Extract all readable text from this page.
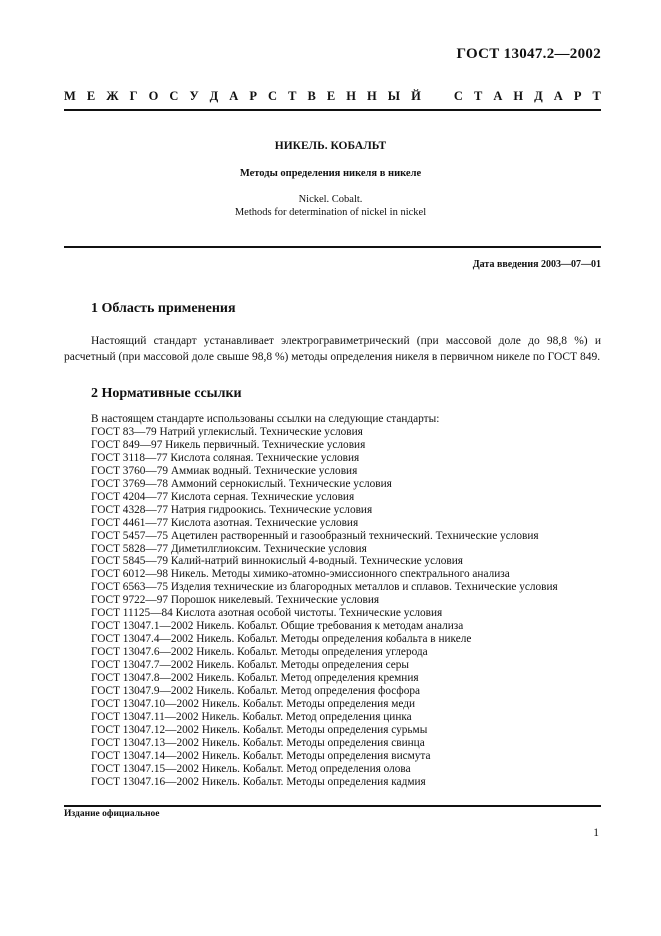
ГОСТ 13047.2—2002
М Е Ж Г О С У Д А Р С Т В Е Н Н Ы Й	С Т А Н Д А Р Т
НИКЕЛЬ. КОБАЛЬТ
Методы определения никеля в никеле
Nickel. Cobalt.
Methods for determination of nickel in nickel
Дата введения 2003—07—01
1 Область применения
Настоящий стандарт устанавливает электрогравиметрический (при массовой доле до 98,8 %) и расчетный (при массовой доле свыше 98,8 %) методы определения никеля в первичном никеле по ГОСТ 849.
2 Нормативные ссылки
В настоящем стандарте использованы ссылки на следующие стандарты:
ГОСТ 83—79 Натрий углекислый. Технические условия
ГОСТ 849—97 Никель первичный. Технические условия
ГОСТ 3118—77 Кислота соляная. Технические условия
ГОСТ 3760—79 Аммиак водный. Технические условия
ГОСТ 3769—78 Аммоний сернокислый. Технические условия
ГОСТ 4204—77 Кислота серная. Технические условия
ГОСТ 4328—77 Натрия гидроокись. Технические условия
ГОСТ 4461—77 Кислота азотная. Технические условия
ГОСТ 5457—75 Ацетилен растворенный и газообразный технический. Технические условия
ГОСТ 5828—77 Диметилглиоксим. Технические условия
ГОСТ 5845—79 Калий-натрий виннокислый 4-водный. Технические условия
ГОСТ 6012—98 Никель. Методы химико-атомно-эмиссионного спектрального анализа
ГОСТ 6563—75 Изделия технические из благородных металлов и сплавов. Технические условия
ГОСТ 9722—97 Порошок никелевый. Технические условия
ГОСТ 11125—84 Кислота азотная особой чистоты. Технические условия
ГОСТ 13047.1—2002 Никель. Кобальт. Общие требования к методам анализа
ГОСТ 13047.4—2002 Никель. Кобальт. Методы определения кобальта в никеле
ГОСТ 13047.6—2002 Никель. Кобальт. Методы определения углерода
ГОСТ 13047.7—2002 Никель. Кобальт. Методы определения серы
ГОСТ 13047.8—2002 Никель. Кобальт. Метод определения кремния
ГОСТ 13047.9—2002 Никель. Кобальт. Метод определения фосфора
ГОСТ 13047.10—2002 Никель. Кобальт. Методы определения меди
ГОСТ 13047.11—2002 Никель. Кобальт. Метод определения цинка
ГОСТ 13047.12—2002 Никель. Кобальт. Методы определения сурьмы
ГОСТ 13047.13—2002 Никель. Кобальт. Методы определения свинца
ГОСТ 13047.14—2002 Никель. Кобальт. Методы определения висмута
ГОСТ 13047.15—2002 Никель. Кобальт. Метод определения олова
ГОСТ 13047.16—2002 Никель. Кобальт. Методы определения кадмия
Издание официальное
1
